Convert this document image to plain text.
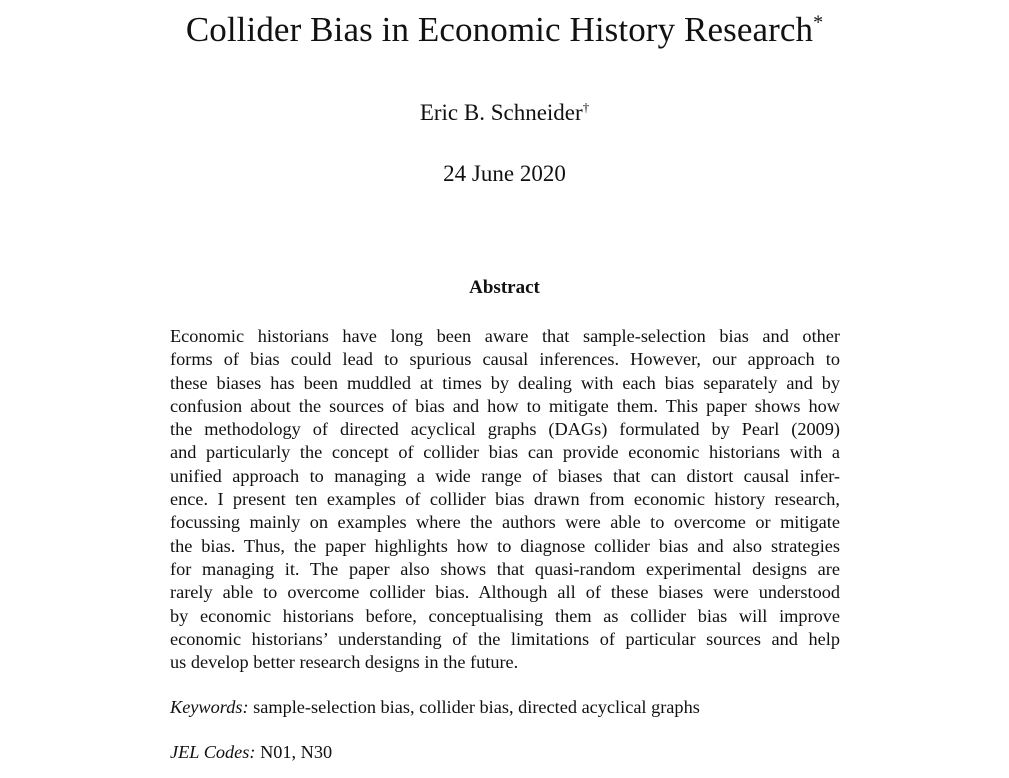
Collider Bias in Economic History Research*
Eric B. Schneider†
24 June 2020
Abstract
Economic historians have long been aware that sample-selection bias and other
forms of bias could lead to spurious causal inferences. However, our approach to
these biases has been muddled at times by dealing with each bias separately and by
confusion about the sources of bias and how to mitigate them. This paper shows how
the methodology of directed acyclical graphs (DAGs) formulated by Pearl (2009)
and particularly the concept of collider bias can provide economic historians with a
unified approach to managing a wide range of biases that can distort causal infer-
ence. I present ten examples of collider bias drawn from economic history research,
focussing mainly on examples where the authors were able to overcome or mitigate
the bias. Thus, the paper highlights how to diagnose collider bias and also strategies
for managing it. The paper also shows that quasi-random experimental designs are
rarely able to overcome collider bias. Although all of these biases were understood
by economic historians before, conceptualising them as collider bias will improve
economic historians’ understanding of the limitations of particular sources and help
us develop better research designs in the future.
Keywords: sample-selection bias, collider bias, directed acyclical graphs
JEL Codes: N01, N30
